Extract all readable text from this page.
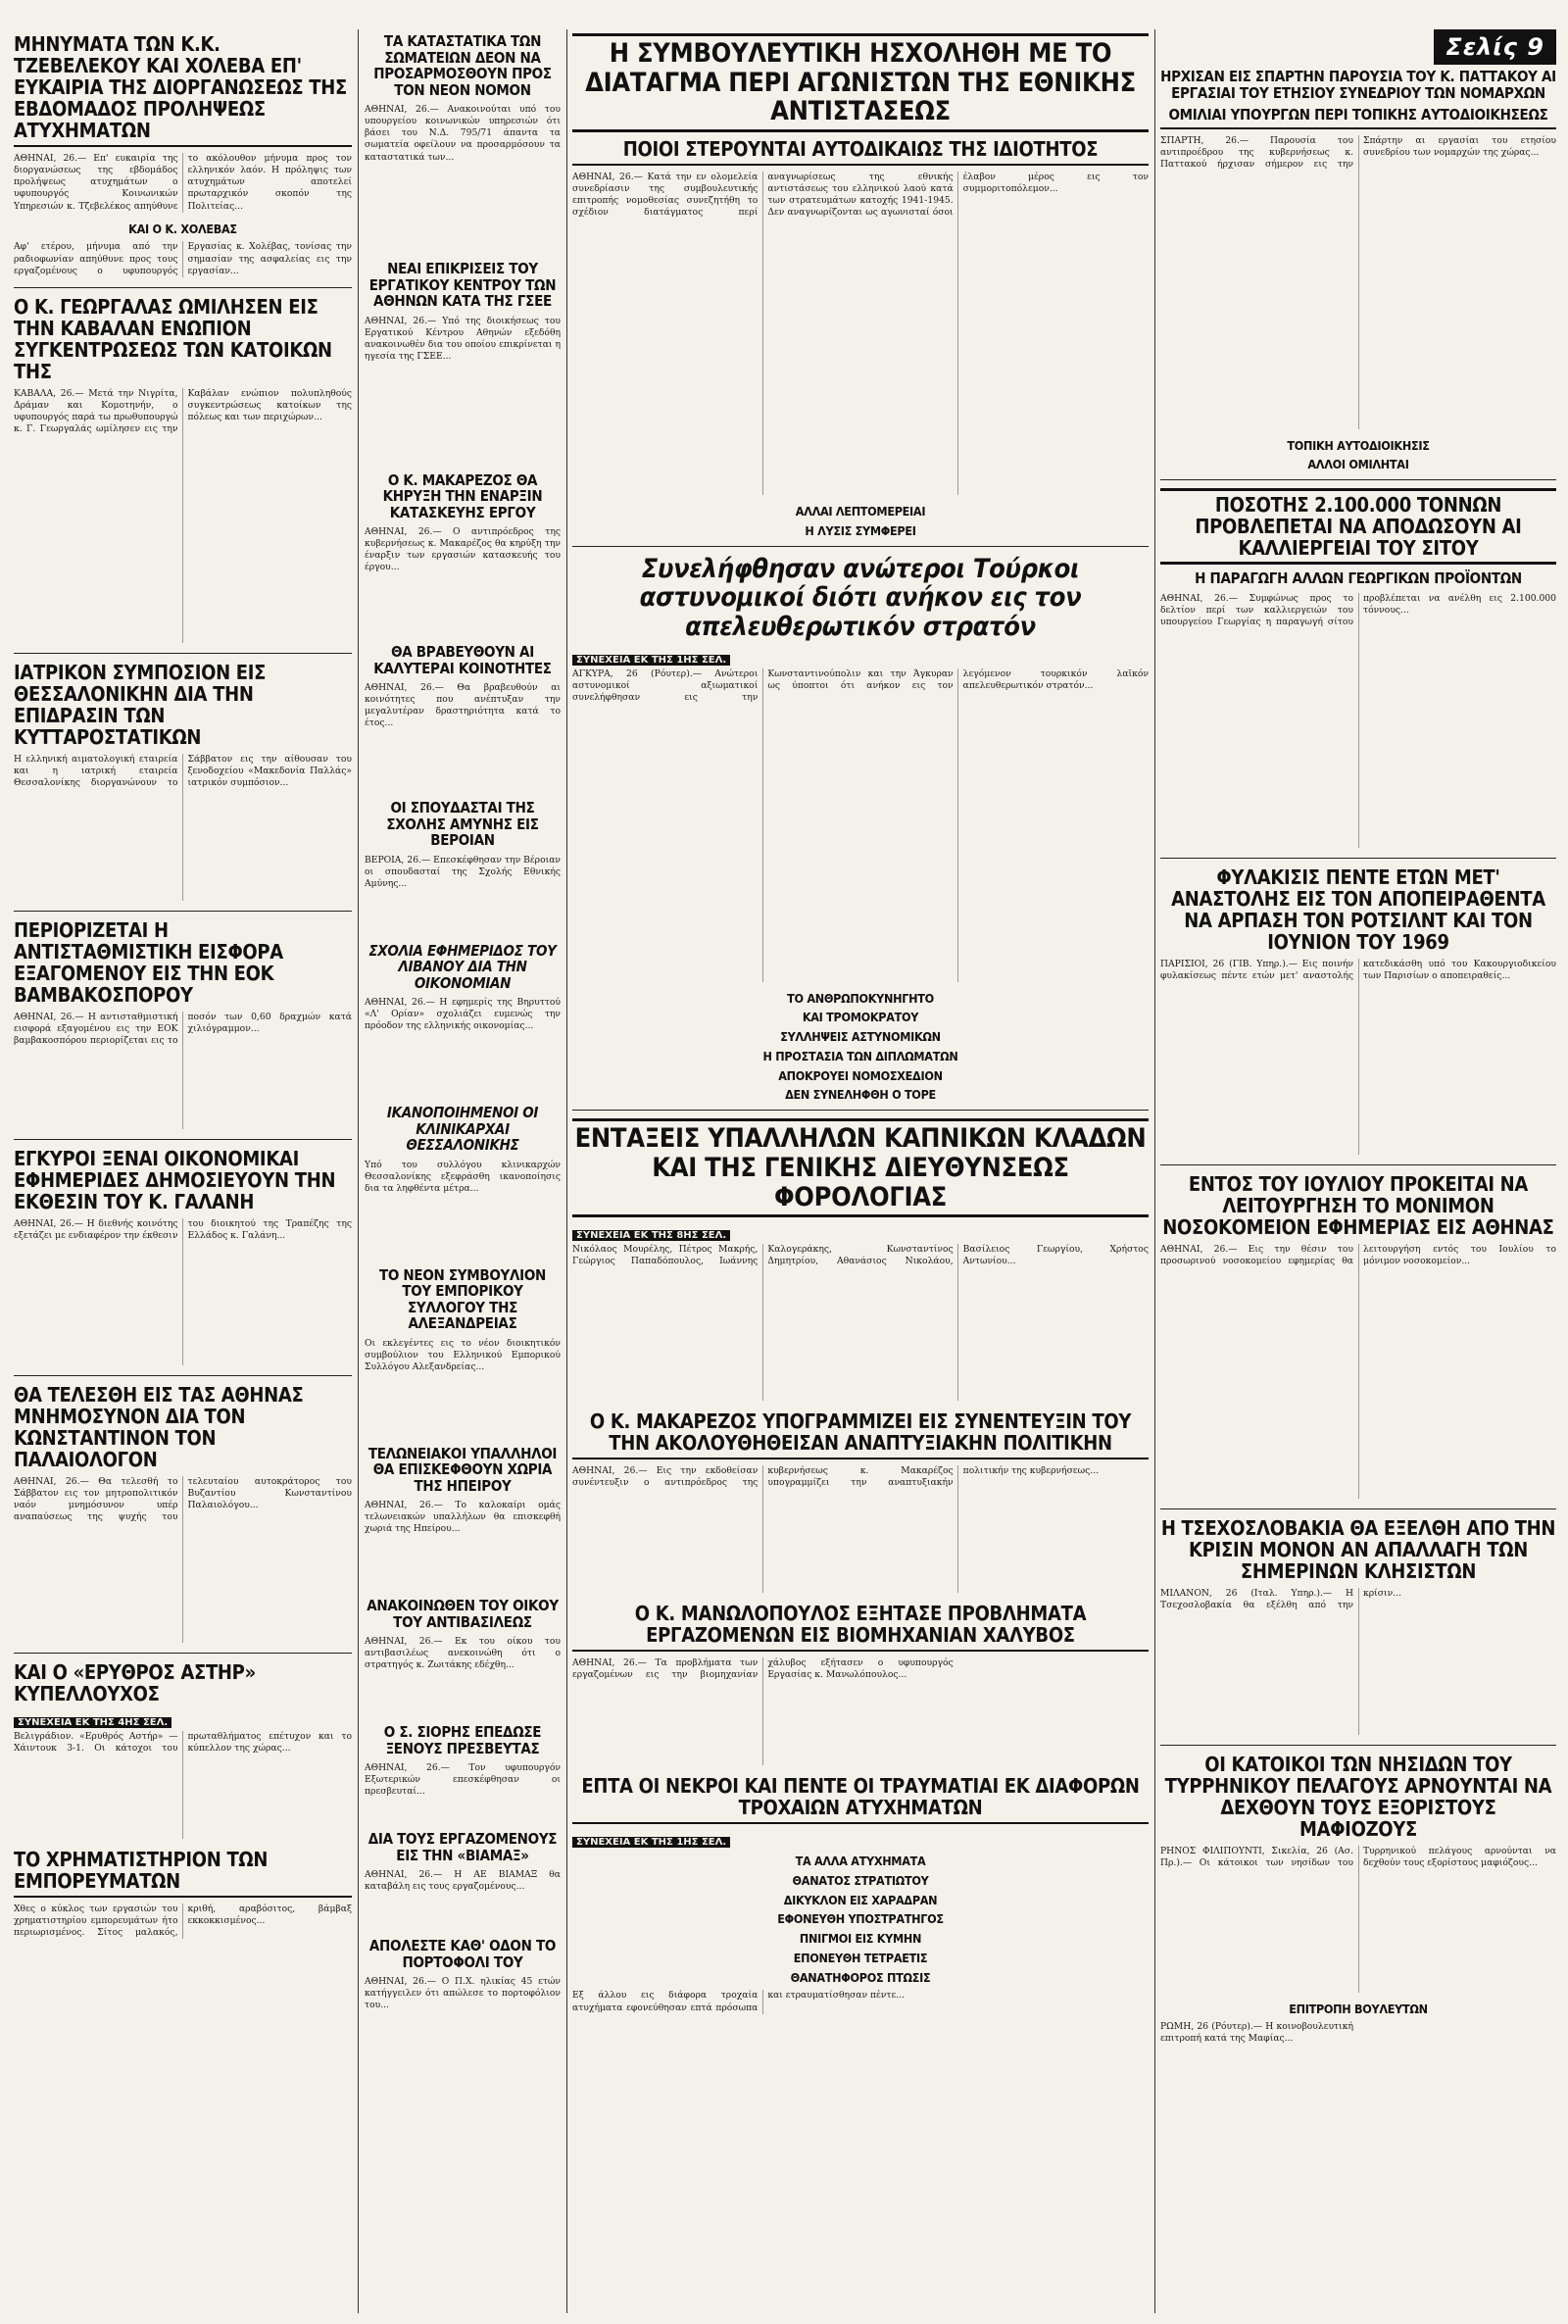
ΜΗΝΥΜΑΤΑ ΤΩΝ Κ.Κ. ΤΖΕΒΕΛΕΚΟΥ ΚΑΙ ΧΟΛΕΒΑ ΕΠ' ΕΥΚΑΙΡΙΑ ΤΗΣ ΔΙΟΡΓΑΝΩΣΕΩΣ ΤΗΣ ΕΒΔΟΜΑΔΟΣ ΠΡΟΛΗΨΕΩΣ ΑΤΥΧΗΜΑΤΩΝ
ΑΘΗΝΑΙ, 26.— Επ' ευκαιρία της διοργανώσεως της εβδομάδος προλήψεως ατυχημάτων ο υφυπουργός Κοινωνικών Υπηρεσιών κ. Τζεβελέκος απηύθυνε το ακόλουθον μήνυμα προς τον ελληνικόν λαόν. Η πρόληψις των ατυχημάτων αποτελεί πρωταρχικόν σκοπόν της Πολιτείας...
ΚΑΙ Ο Κ. ΧΟΛΕΒΑΣ
Αφ' ετέρου, μήνυμα από την ραδιοφωνίαν απηύθυνε προς τους εργαζομένους ο υφυπουργός Εργασίας κ. Χολέβας, τονίσας την σημασίαν της ασφαλείας εις την εργασίαν...
Ο Κ. ΓΕΩΡΓΑΛΑΣ ΩΜΙΛΗΣΕΝ ΕΙΣ ΤΗΝ ΚΑΒΑΛΑΝ ΕΝΩΠΙΟΝ ΣΥΓΚΕΝΤΡΩΣΕΩΣ ΤΩΝ ΚΑΤΟΙΚΩΝ ΤΗΣ
ΚΑΒΑΛΑ, 26.— Μετά την Νιγρίτα, Δράμαν και Κομοτηνήν, ο υφυπουργός παρά τω πρωθυπουργώ κ. Γ. Γεωργαλάς ωμίλησεν εις την Καβάλαν ενώπιον πολυπληθούς συγκεντρώσεως κατοίκων της πόλεως και των περιχώρων...
ΙΑΤΡΙΚΟΝ ΣΥΜΠΟΣΙΟΝ ΕΙΣ ΘΕΣΣΑΛΟΝΙΚΗΝ ΔΙΑ ΤΗΝ ΕΠΙΔΡΑΣΙΝ ΤΩΝ ΚΥΤΤΑΡΟΣΤΑΤΙΚΩΝ
Η ελληνική αιματολογική εταιρεία και η ιατρική εταιρεία Θεσσαλονίκης διοργανώνουν το Σάββατον εις την αίθουσαν του ξενοδοχείου «Μακεδονία Παλλάς» ιατρικόν συμπόσιον...
ΠΕΡΙΟΡΙΖΕΤΑΙ Η ΑΝΤΙΣΤΑΘΜΙΣΤΙΚΗ ΕΙΣΦΟΡΑ ΕΞΑΓΟΜΕΝΟΥ ΕΙΣ ΤΗΝ ΕΟΚ ΒΑΜΒΑΚΟΣΠΟΡΟΥ
ΑΘΗΝΑΙ, 26.— Η αντισταθμιστική εισφορά εξαγομένου εις την ΕΟΚ βαμβακοσπόρου περιορίζεται εις το ποσόν των 0,60 δραχμών κατά χιλιόγραμμον...
ΕΓΚΥΡΟΙ ΞΕΝΑΙ ΟΙΚΟΝΟΜΙΚΑΙ ΕΦΗΜΕΡΙΔΕΣ ΔΗΜΟΣΙΕΥΟΥΝ ΤΗΝ ΕΚΘΕΣΙΝ ΤΟΥ Κ. ΓΑΛΑΝΗ
ΑΘΗΝΑΙ, 26.— Η διεθνής κοινότης εξετάζει με ενδιαφέρον την έκθεσιν του διοικητού της Τραπέζης της Ελλάδος κ. Γαλάνη...
ΘΑ ΤΕΛΕΣΘΗ ΕΙΣ ΤΑΣ ΑΘΗΝΑΣ ΜΝΗΜΟΣΥΝΟΝ ΔΙΑ ΤΟΝ ΚΩΝΣΤΑΝΤΙΝΟΝ ΤΟΝ ΠΑΛΑΙΟΛΟΓΟΝ
ΑΘΗΝΑΙ, 26.— Θα τελεσθή το Σάββατον εις τον μητροπολιτικόν ναόν μνημόσυνον υπέρ αναπαύσεως της ψυχής του τελευταίου αυτοκράτορος του Βυζαντίου Κωνσταντίνου Παλαιολόγου...
ΚΑΙ Ο «ΕΡΥΘΡΟΣ ΑΣΤΗΡ» ΚΥΠΕΛΛΟΥΧΟΣ
ΣΥΝΕΧΕΙΑ ΕΚ ΤΗΣ 4ΗΣ ΣΕΛ.
Βελιγράδιον. «Ερυθρός Αστήρ» — Χάιντουκ 3-1. Οι κάτοχοι του πρωταθλήματος επέτυχον και το κύπελλον της χώρας...
ΤΟ ΧΡΗΜΑΤΙΣΤΗΡΙΟΝ ΤΩΝ ΕΜΠΟΡΕΥΜΑΤΩΝ
Χθες ο κύκλος των εργασιών του χρηματιστηρίου εμπορευμάτων ήτο περιωρισμένος. Σίτος μαλακός, κριθή, αραβόσιτος, βάμβαξ εκκοκκισμένος...
ΤΑ ΚΑΤΑΣΤΑΤΙΚΑ ΤΩΝ ΣΩΜΑΤΕΙΩΝ ΔΕΟΝ ΝΑ ΠΡΟΣΑΡΜΟΣΘΟΥΝ ΠΡΟΣ ΤΟΝ ΝΕΟΝ ΝΟΜΟΝ
ΑΘΗΝΑΙ, 26.— Ανακοινούται υπό του υπουργείου κοινωνικών υπηρεσιών ότι βάσει του Ν.Δ. 795/71 άπαντα τα σωματεία οφείλουν να προσαρμόσουν τα καταστατικά των...
ΝΕΑΙ ΕΠΙΚΡΙΣΕΙΣ ΤΟΥ ΕΡΓΑΤΙΚΟΥ ΚΕΝΤΡΟΥ ΤΩΝ ΑΘΗΝΩΝ ΚΑΤΑ ΤΗΣ ΓΣΕΕ
ΑΘΗΝΑΙ, 26.— Υπό της διοικήσεως του Εργατικού Κέντρου Αθηνών εξεδόθη ανακοινωθέν δια του οποίου επικρίνεται η ηγεσία της ΓΣΕΕ...
Ο Κ. ΜΑΚΑΡΕΖΟΣ ΘΑ ΚΗΡΥΞΗ ΤΗΝ ΕΝΑΡΞΙΝ ΚΑΤΑΣΚΕΥΗΣ ΕΡΓΟΥ
ΑΘΗΝΑΙ, 26.— Ο αντιπρόεδρος της κυβερνήσεως κ. Μακαρέζος θα κηρύξη την έναρξιν των εργασιών κατασκευής του έργου...
ΘΑ ΒΡΑΒΕΥΘΟΥΝ ΑΙ ΚΑΛΥΤΕΡΑΙ ΚΟΙΝΟΤΗΤΕΣ
ΑΘΗΝΑΙ, 26.— Θα βραβευθούν αι κοινότητες που ανέπτυξαν την μεγαλυτέραν δραστηριότητα κατά το έτος...
ΟΙ ΣΠΟΥΔΑΣΤΑΙ ΤΗΣ ΣΧΟΛΗΣ ΑΜΥΝΗΣ ΕΙΣ ΒΕΡΟΙΑΝ
ΒΕΡΟΙΑ, 26.— Επεσκέφθησαν την Βέροιαν οι σπουδασταί της Σχολής Εθνικής Αμύνης...
ΣΧΟΛΙΑ ΕΦΗΜΕΡΙΔΟΣ ΤΟΥ ΛΙΒΑΝΟΥ ΔΙΑ ΤΗΝ ΟΙΚΟΝΟΜΙΑΝ
ΑΘΗΝΑΙ, 26.— Η εφημερίς της Βηρυττού «Λ' Ορίαν» σχολιάζει ευμενώς την πρόοδον της ελληνικής οικονομίας...
ΙΚΑΝΟΠΟΙΗΜΕΝΟΙ ΟΙ ΚΛΙΝΙΚΑΡΧΑΙ ΘΕΣΣΑΛΟΝΙΚΗΣ
Υπό του συλλόγου κλινικαρχών Θεσσαλονίκης εξεφράσθη ικανοποίησις δια τα ληφθέντα μέτρα...
ΤΟ ΝΕΟΝ ΣΥΜΒΟΥΛΙΟΝ ΤΟΥ ΕΜΠΟΡΙΚΟΥ ΣΥΛΛΟΓΟΥ ΤΗΣ ΑΛΕΞΑΝΔΡΕΙΑΣ
Οι εκλεγέντες εις το νέον διοικητικόν συμβούλιον του Ελληνικού Εμπορικού Συλλόγου Αλεξανδρείας...
ΤΕΛΩΝΕΙΑΚΟΙ ΥΠΑΛΛΗΛΟΙ ΘΑ ΕΠΙΣΚΕΦΘΟΥΝ ΧΩΡΙΑ ΤΗΣ ΗΠΕΙΡΟΥ
ΑΘΗΝΑΙ, 26.— Το καλοκαίρι ομάς τελωνειακών υπαλλήλων θα επισκεφθή χωριά της Ηπείρου...
ΑΝΑΚΟΙΝΩΘΕΝ ΤΟΥ ΟΙΚΟΥ ΤΟΥ ΑΝΤΙΒΑΣΙΛΕΩΣ
ΑΘΗΝΑΙ, 26.— Εκ του οίκου του αντιβασιλέως ανεκοινώθη ότι ο στρατηγός κ. Ζωιτάκης εδέχθη...
Ο Σ. ΣΙΟΡΗΣ ΕΠΕΔΩΣΕ ΞΕΝΟΥΣ ΠΡΕΣΒΕΥΤΑΣ
ΑΘΗΝΑΙ, 26.— Τον υφυπουργόν Εξωτερικών επεσκέφθησαν οι πρεσβευταί...
ΔΙΑ ΤΟΥΣ ΕΡΓΑΖΟΜΕΝΟΥΣ ΕΙΣ ΤΗΝ «ΒΙΑΜΑΞ»
ΑΘΗΝΑΙ, 26.— Η ΑΕ ΒΙΑΜΑΞ θα καταβάλη εις τους εργαζομένους...
ΑΠΟΛΕΣΤΕ ΚΑΘ' ΟΔΟΝ ΤΟ ΠΟΡΤΟΦΟΛΙ ΤΟΥ
ΑΘΗΝΑΙ, 26.— Ο Π.Χ. ηλικίας 45 ετών κατήγγειλεν ότι απώλεσε το πορτοφόλιον του...
Η ΣΥΜΒΟΥΛΕΥΤΙΚΗ ΗΣΧΟΛΗΘΗ ΜΕ ΤΟ ΔΙΑΤΑΓΜΑ ΠΕΡΙ ΑΓΩΝΙΣΤΩΝ ΤΗΣ ΕΘΝΙΚΗΣ ΑΝΤΙΣΤΑΣΕΩΣ
ΠΟΙΟΙ ΣΤΕΡΟΥΝΤΑΙ ΑΥΤΟΔΙΚΑΙΩΣ ΤΗΣ ΙΔΙΟΤΗΤΟΣ
ΑΘΗΝΑΙ, 26.— Κατά την εν ολομελεία συνεδρίασιν της συμβουλευτικής επιτροπής νομοθεσίας συνεζητήθη το σχέδιον διατάγματος περί αναγνωρίσεως της εθνικής αντιστάσεως του ελληνικού λαού κατά των στρατευμάτων κατοχής 1941-1945. Δεν αναγνωρίζονται ως αγωνισταί όσοι έλαβον μέρος εις τον συμμοριτοπόλεμον...
ΑΛΛΑΙ ΛΕΠΤΟΜΕΡΕΙΑΙ
Η ΛΥΣΙΣ ΣΥΜΦΕΡΕΙ
Συνελήφθησαν ανώτεροι Τούρκοι αστυνομικοί διότι ανήκον εις τον απελευθερωτικόν στρατόν
ΣΥΝΕΧΕΙΑ ΕΚ ΤΗΣ 1ΗΣ ΣΕΛ.
ΑΓΚΥΡΑ, 26 (Ρόυτερ).— Ανώτεροι αστυνομικοί αξιωματικοί συνελήφθησαν εις την Κωνσταντινούπολιν και την Άγκυραν ως ύποπτοι ότι ανήκον εις τον λεγόμενον τουρκικόν λαϊκόν απελευθερωτικόν στρατόν...
ΤΟ ΑΝΘΡΩΠΟΚΥΝΗΓΗΤΟ
ΚΑΙ ΤΡΟΜΟΚΡΑΤΟΥ
ΣΥΛΛΗΨΕΙΣ ΑΣΤΥΝΟΜΙΚΩΝ
Η ΠΡΟΣΤΑΣΙΑ ΤΩΝ ΔΙΠΛΩΜΑΤΩΝ
ΑΠΟΚΡΟΥΕΙ ΝΟΜΟΣΧΕΔΙΟΝ
ΔΕΝ ΣΥΝΕΛΗΦΘΗ Ο ΤΟΡΕ
ΕΝΤΑΞΕΙΣ ΥΠΑΛΛΗΛΩΝ ΚΑΠΝΙΚΩΝ ΚΛΑΔΩΝ ΚΑΙ ΤΗΣ ΓΕΝΙΚΗΣ ΔΙΕΥΘΥΝΣΕΩΣ ΦΟΡΟΛΟΓΙΑΣ
ΣΥΝΕΧΕΙΑ ΕΚ ΤΗΣ 8ΗΣ ΣΕΛ.
Νικόλαος Μουρέλης, Πέτρος Μακρής, Γεώργιος Παπαδόπουλος, Ιωάννης Καλογεράκης, Κωνσταντίνος Δημητρίου, Αθανάσιος Νικολάου, Βασίλειος Γεωργίου, Χρήστος Αντωνίου...
Ο Κ. ΜΑΚΑΡΕΖΟΣ ΥΠΟΓΡΑΜΜΙΖΕΙ ΕΙΣ ΣΥΝΕΝΤΕΥΞΙΝ ΤΟΥ ΤΗΝ ΑΚΟΛΟΥΘΗΘΕΙΣΑΝ ΑΝΑΠΤΥΞΙΑΚΗΝ ΠΟΛΙΤΙΚΗΝ
ΑΘΗΝΑΙ, 26.— Εις την εκδοθείσαν συνέντευξιν ο αντιπρόεδρος της κυβερνήσεως κ. Μακαρέζος υπογραμμίζει την αναπτυξιακήν πολιτικήν της κυβερνήσεως...
Ο Κ. ΜΑΝΩΛΟΠΟΥΛΟΣ ΕΞΗΤΑΣΕ ΠΡΟΒΛΗΜΑΤΑ ΕΡΓΑΖΟΜΕΝΩΝ ΕΙΣ ΒΙΟΜΗΧΑΝΙΑΝ ΧΑΛΥΒΟΣ
ΑΘΗΝΑΙ, 26.— Τα προβλήματα των εργαζομένων εις την βιομηχανίαν χάλυβος εξήτασεν ο υφυπουργός Εργασίας κ. Μανωλόπουλος...
ΕΠΤΑ ΟΙ ΝΕΚΡΟΙ ΚΑΙ ΠΕΝΤΕ ΟΙ ΤΡΑΥΜΑΤΙΑΙ ΕΚ ΔΙΑΦΟΡΩΝ ΤΡΟΧΑΙΩΝ ΑΤΥΧΗΜΑΤΩΝ
ΣΥΝΕΧΕΙΑ ΕΚ ΤΗΣ 1ΗΣ ΣΕΛ.
ΤΑ ΑΛΛΑ ΑΤΥΧΗΜΑΤΑ
ΘΑΝΑΤΟΣ ΣΤΡΑΤΙΩΤΟΥ
ΔΙΚΥΚΛΟΝ ΕΙΣ ΧΑΡΑΔΡΑΝ
ΕΦΟΝΕΥΘΗ ΥΠΟΣΤΡΑΤΗΓΟΣ
ΠΝΙΓΜΟΙ ΕΙΣ ΚΥΜΗΝ
ΕΠΟΝΕΥΘΗ ΤΕΤΡΑΕΤΙΣ
ΘΑΝΑΤΗΦΟΡΟΣ ΠΤΩΣΙΣ
Εξ άλλου εις διάφορα τροχαία ατυχήματα εφονεύθησαν επτά πρόσωπα και ετραυματίσθησαν πέντε...
Σελίς 9
ΗΡΧΙΣΑΝ ΕΙΣ ΣΠΑΡΤΗΝ ΠΑΡΟΥΣΙΑ ΤΟΥ Κ. ΠΑΤΤΑΚΟΥ ΑΙ ΕΡΓΑΣΙΑΙ ΤΟΥ ΕΤΗΣΙΟΥ ΣΥΝΕΔΡΙΟΥ ΤΩΝ ΝΟΜΑΡΧΩΝ
ΟΜΙΛΙΑΙ ΥΠΟΥΡΓΩΝ ΠΕΡΙ ΤΟΠΙΚΗΣ ΑΥΤΟΔΙΟΙΚΗΣΕΩΣ
ΣΠΑΡΤΗ, 26.— Παρουσία του αντιπροέδρου της κυβερνήσεως κ. Παττακού ήρχισαν σήμερον εις την Σπάρτην αι εργασίαι του ετησίου συνεδρίου των νομαρχών της χώρας...
ΤΟΠΙΚΗ ΑΥΤΟΔΙΟΙΚΗΣΙΣ
ΑΛΛΟΙ ΟΜΙΛΗΤΑΙ
ΠΟΣΟΤΗΣ 2.100.000 ΤΟΝΝΩΝ ΠΡΟΒΛΕΠΕΤΑΙ ΝΑ ΑΠΟΔΩΣΟΥΝ ΑΙ ΚΑΛΛΙΕΡΓΕΙΑΙ ΤΟΥ ΣΙΤΟΥ
Η ΠΑΡΑΓΩΓΗ ΑΛΛΩΝ ΓΕΩΡΓΙΚΩΝ ΠΡΟΪΟΝΤΩΝ
ΑΘΗΝΑΙ, 26.— Συμφώνως προς το δελτίον περί των καλλιεργειών του υπουργείου Γεωργίας η παραγωγή σίτου προβλέπεται να ανέλθη εις 2.100.000 τόννους...
ΦΥΛΑΚΙΣΙΣ ΠΕΝΤΕ ΕΤΩΝ ΜΕΤ' ΑΝΑΣΤΟΛΗΣ ΕΙΣ ΤΟΝ ΑΠΟΠΕΙΡΑΘΕΝΤΑ ΝΑ ΑΡΠΑΣΗ ΤΟΝ ΡΟΤΣΙΛΝΤ ΚΑΙ ΤΟΝ ΙΟΥΝΙΟΝ ΤΟΥ 1969
ΠΑΡΙΣΙΟΙ, 26 (ΓΙΒ. Υπηρ.).— Εις ποινήν φυλακίσεως πέντε ετών μετ' αναστολής κατεδικάσθη υπό του Κακουργιοδικείου των Παρισίων ο αποπειραθείς...
ΕΝΤΟΣ ΤΟΥ ΙΟΥΛΙΟΥ ΠΡΟΚΕΙΤΑΙ ΝΑ ΛΕΙΤΟΥΡΓΗΣΗ ΤΟ ΜΟΝΙΜΟΝ ΝΟΣΟΚΟΜΕΙΟΝ ΕΦΗΜΕΡΙΑΣ ΕΙΣ ΑΘΗΝΑΣ
ΑΘΗΝΑΙ, 26.— Εις την θέσιν του προσωρινού νοσοκομείου εφημερίας θα λειτουργήση εντός του Ιουλίου το μόνιμον νοσοκομείον...
Η ΤΣΕΧΟΣΛΟΒΑΚΙΑ ΘΑ ΕΞΕΛΘΗ ΑΠΟ ΤΗΝ ΚΡΙΣΙΝ ΜΟΝΟΝ ΑΝ ΑΠΑΛΛΑΓΗ ΤΩΝ ΣΗΜΕΡΙΝΩΝ ΚΛΗΣΙΣΤΩΝ
ΜΙΛΑΝΟΝ, 26 (Ιταλ. Υπηρ.).— Η Τσεχοσλοβακία θα εξέλθη από την κρίσιν...
ΟΙ ΚΑΤΟΙΚΟΙ ΤΩΝ ΝΗΣΙΔΩΝ ΤΟΥ ΤΥΡΡΗΝΙΚΟΥ ΠΕΛΑΓΟΥΣ ΑΡΝΟΥΝΤΑΙ ΝΑ ΔΕΧΘΟΥΝ ΤΟΥΣ ΕΞΟΡΙΣΤΟΥΣ ΜΑΦΙΟΖΟΥΣ
ΡΗΝΟΣ ΦΙΛΙΠΟΥΝΤΙ, Σικελία, 26 (Ασ. Πρ.).— Οι κάτοικοι των νησίδων του Τυρρηνικού πελάγους αρνούνται να δεχθούν τους εξορίστους μαφιόζους...
ΕΠΙΤΡΟΠΗ ΒΟΥΛΕΥΤΩΝ
ΡΩΜΗ, 26 (Ρόυτερ).— Η κοινοβουλευτική επιτροπή κατά της Μαφίας...
